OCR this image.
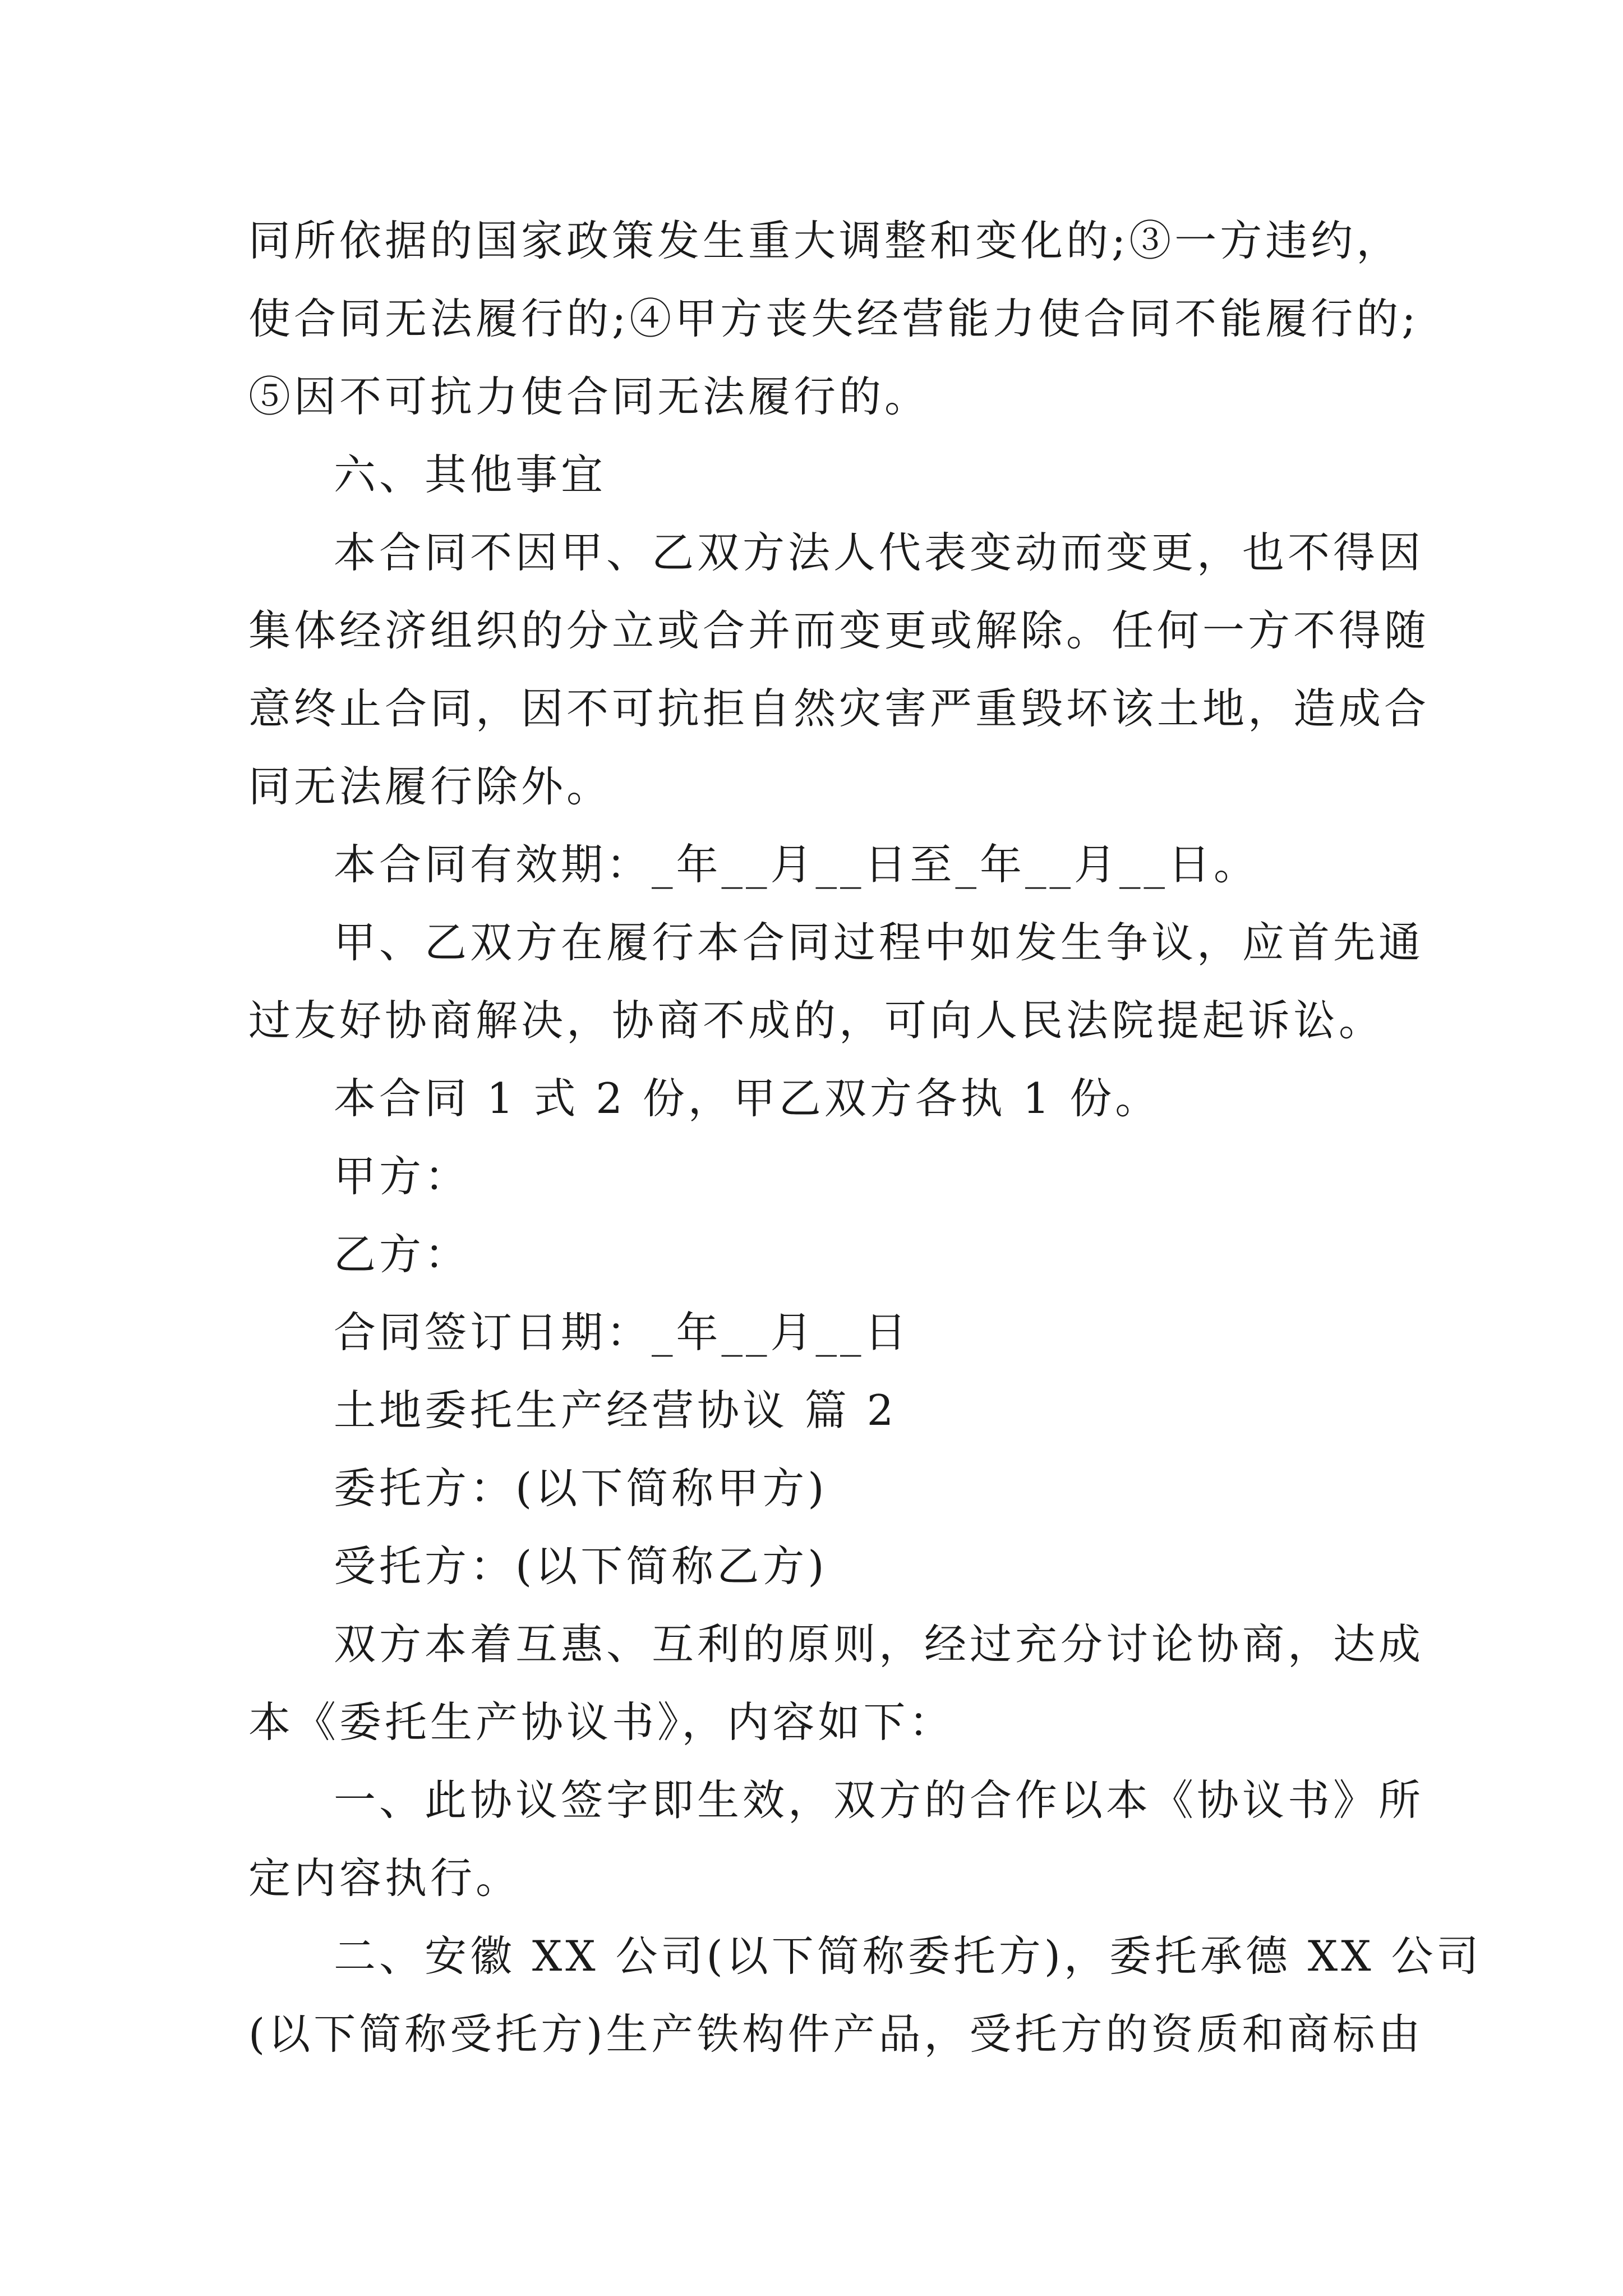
同所依据的国家政策发生重大调整和变化的;③一方违约，
使合同无法履行的;④甲方丧失经营能力使合同不能履行的;
⑤因不可抗力使合同无法履行的。
六、其他事宜
本合同不因甲、乙双方法人代表变动而变更，也不得因
集体经济组织的分立或合并而变更或解除。任何一方不得随
意终止合同，因不可抗拒自然灾害严重毁坏该土地，造成合
同无法履行除外。
本合同有效期：_年__月__日至_年__月__日。
甲、乙双方在履行本合同过程中如发生争议，应首先通
过友好协商解决，协商不成的，可向人民法院提起诉讼。
本合同 1 式 2 份，甲乙双方各执 1 份。
甲方：
乙方：
合同签订日期：_年__月__日
土地委托生产经营协议 篇 2
委托方：(以下简称甲方)
受托方：(以下简称乙方)
双方本着互惠、互利的原则，经过充分讨论协商，达成
本《委托生产协议书》，内容如下：
一、此协议签字即生效，双方的合作以本《协议书》所
定内容执行。
二、安徽 XX 公司(以下简称委托方)，委托承德 XX 公司
(以下简称受托方)生产铁构件产品，受托方的资质和商标由
